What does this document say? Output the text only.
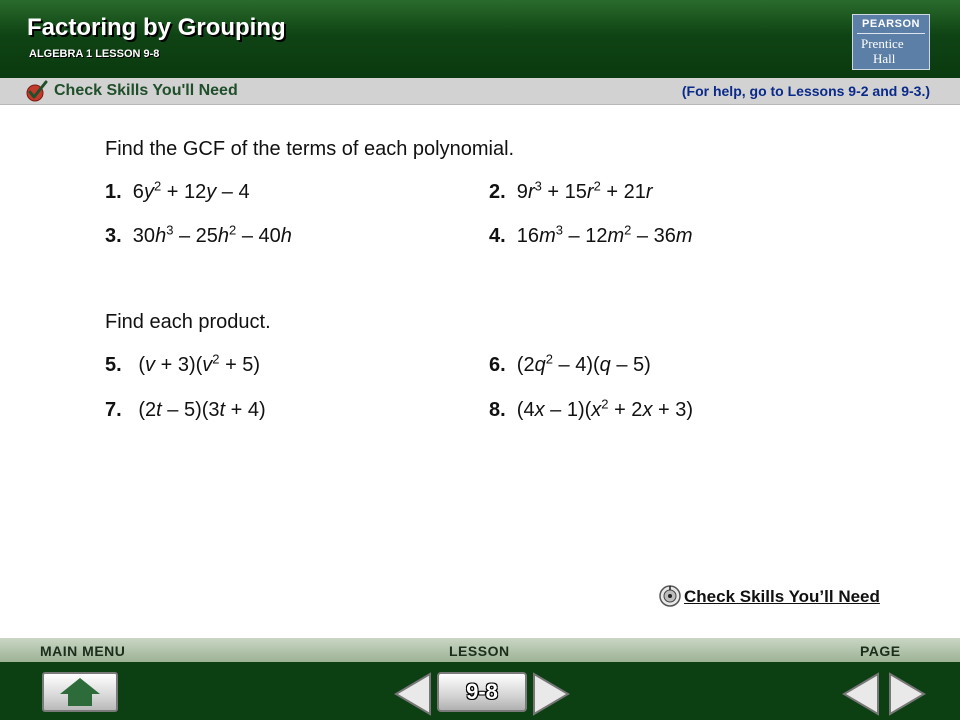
Factoring by Grouping
ALGEBRA 1 LESSON 9-8
PEARSON
Prentice
Hall
Check Skills You'll Need	(For help, go to Lessons 9-2 and 9-3.)
Find the GCF of the terms of each polynomial.
1.  $6y^2 + 12y - 4$	2.  $9r^3 + 15r^2 + 21r$
3.  $30h^3 - 25h^2 - 40h$	4.  $16m^3 - 12m^2 - 36m$
Find each product.
5.   $(v + 3)(v^2 + 5)$	6.  $(2q^2 - 4)(q - 5)$
7.   (2t – 5)(3t + 4)	8.  $(4x - 1)(x^2 + 2x + 3)$
Check Skills You’ll Need
MAIN MENU	LESSON	PAGE
9-8
